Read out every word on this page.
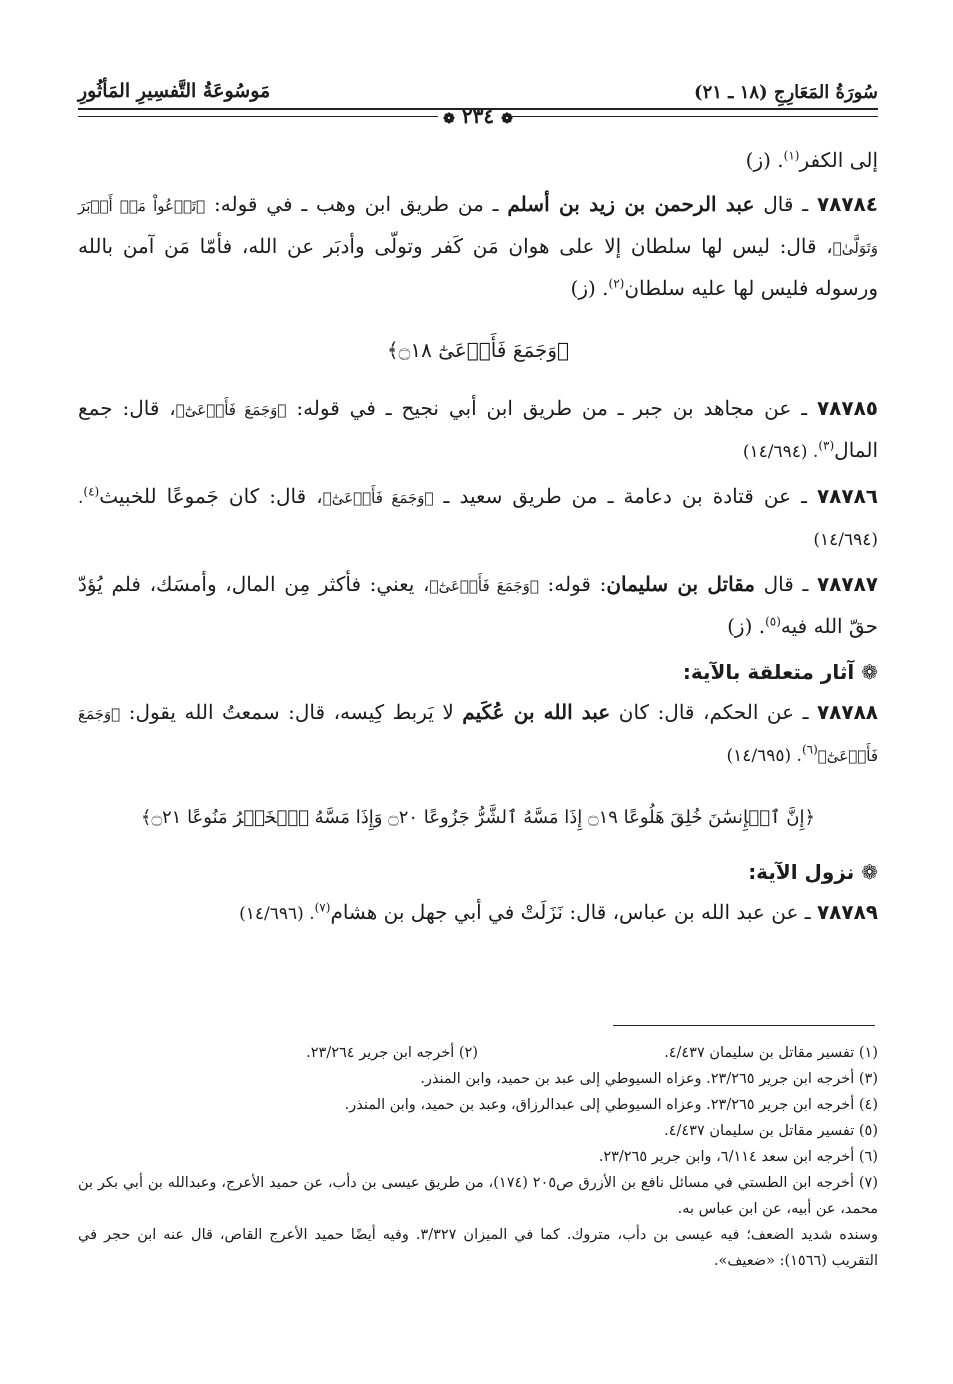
سُورَةُ المَعَارِجِ (١٨ ـ ٢١)
مَوسُوعَةُ التَّفسِيرِ المَأثُورِ
❁ ٢٣٤ ❁

إلى الكفر$^{(١)}$. (ز)

٧٨٧٨٤ ـ قال عبد الرحمن بن زيد بن أسلم ـ من طريق ابن وهب ـ في قوله: ﴿تَدۡعُواْ مَنۡ أَدۡبَرَ وَتَوَلَّىٰ﴾، قال: ليس لها سلطان إلا على هوان مَن كَفر وتولّى وأدبَر عن الله، فأمّا مَن آمن بالله ورسوله فليس لها عليه سلطان$^{(٢)}$. (ز)

﴿وَجَمَعَ فَأَوۡعَىٰٓ ۝١٨﴾

٧٨٧٨٥ ـ عن مجاهد بن جبر ـ من طريق ابن أبي نجيح ـ في قوله: ﴿وَجَمَعَ فَأَوۡعَىٰٓ﴾، قال: جمع المال$^{(٣)}$. (١٤/٦٩٤)

٧٨٧٨٦ ـ عن قتادة بن دعامة ـ من طريق سعيد ـ ﴿وَجَمَعَ فَأَوۡعَىٰٓ﴾، قال: كان جَموعًا للخبيث$^{(٤)}$. (١٤/٦٩٤)

٧٨٧٨٧ ـ قال مقاتل بن سليمان: قوله: ﴿وَجَمَعَ فَأَوۡعَىٰٓ﴾، يعني: فأكثر مِن المال، وأمسَك، فلم يُؤدّ حقّ الله فيه$^{(٥)}$. (ز)

❁ آثار متعلقة بالآية:

٧٨٧٨٨ ـ عن الحكم، قال: كان عبد الله بن عُكَيم لا يَربط كِيسه، قال: سمعتُ الله يقول: ﴿وَجَمَعَ فَأَوۡعَىٰٓ﴾$^{(٦)}$. (١٤/٦٩٥)

﴿إِنَّ ٱلۡإِنسَٰنَ خُلِقَ هَلُوعًا ۝١٩ إِذَا مَسَّهُ ٱلشَّرُّ جَزُوعًا ۝٢٠ وَإِذَا مَسَّهُ ٱلۡخَيۡرُ مَنُوعًا ۝٢١﴾

❁ نزول الآية:

٧٨٧٨٩ ـ عن عبد الله بن عباس، قال: نَزَلَتْ في أبي جهل بن هشام$^{(٧)}$. (١٤/٦٩٦)

(١) تفسير مقاتل بن سليمان ٤/٤٣٧.

(٢) أخرجه ابن جرير ٢٣/٢٦٤.

(٣) أخرجه ابن جرير ٢٣/٢٦٥. وعزاه السيوطي إلى عبد بن حميد، وابن المنذر.

(٤) أخرجه ابن جرير ٢٣/٢٦٥. وعزاه السيوطي إلى عبدالرزاق، وعبد بن حميد، وابن المنذر.

(٥) تفسير مقاتل بن سليمان ٤/٤٣٧.

(٦) أخرجه ابن سعد ٦/١١٤، وابن جرير ٢٣/٢٦٥.

(٧) أخرجه ابن الطستي في مسائل نافع بن الأزرق ص٢٠٥ (١٧٤)، من طريق عيسى بن دأب، عن حميد الأعرج، وعبدالله بن أبي بكر بن محمد، عن أبيه، عن ابن عباس به.

وسنده شديد الضعف؛ فيه عيسى بن دأب، متروك. كما في الميزان ٣/٣٢٧. وفيه أيضًا حميد الأعرج القاص، قال عنه ابن حجر في التقريب (١٥٦٦): «ضعيف».
